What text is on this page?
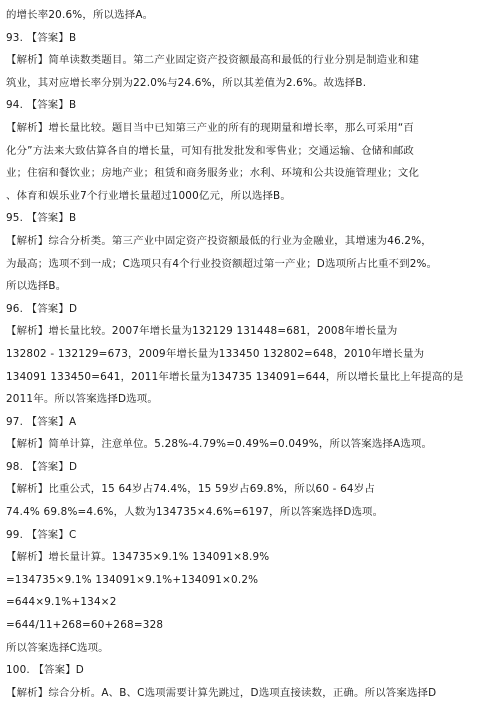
的增长率20.6%，所以选择A。
93. 【答案】B
【解析】简单读数类题目。第二产业固定资产投资额最高和最低的行业分别是制造业和建
筑业，其对应增长率分别为22.0%与24.6%，所以其差值为2.6%。故选择B.
94. 【答案】B
【解析】增长量比较。题目当中已知第三产业的所有的现期量和增长率，那么可采用“百
化分”方法来大致估算各自的增长量，可知有批发批发和零售业；交通运输、仓储和邮政
业；住宿和餐饮业；房地产业；租赁和商务服务业；水利、环境和公共设施管理业；文化
、体育和娱乐业7个行业增长量超过1000亿元，所以选择B。
95. 【答案】B
【解析】综合分析类。第三产业中固定资产投资额最低的行业为金融业，其增速为46.2%，
为最高；选项不到一成；C选项只有4个行业投资额超过第一产业；D选项所占比重不到2%。
所以选择B。
96. 【答案】D
【解析】增长量比较。2007年增长量为132129 131448=681，2008年增长量为
132802 - 132129=673，2009年增长量为133450 132802=648，2010年增长量为
134091 133450=641，2011年增长量为134735 134091=644，所以增长量比上年提高的是
2011年。所以答案选择D选项。
97. 【答案】A
【解析】简单计算，注意单位。5.28%-4.79%=0.49%=0.049%，所以答案选择A选项。
98. 【答案】D
【解析】比重公式，15 64岁占74.4%，15 59岁占69.8%，所以60 - 64岁占
74.4% 69.8%=4.6%，人数为134735×4.6%=6197，所以答案选择D选项。
99. 【答案】C
【解析】增长量计算。134735×9.1% 134091×8.9%
=134735×9.1% 134091×9.1%+134091×0.2%
=644×9.1%+134×2
=644/11+268=60+268=328
所以答案选择C选项。
100. 【答案】D
【解析】综合分析。A、B、C选项需要计算先跳过，D选项直接读数，正确。所以答案选择D
